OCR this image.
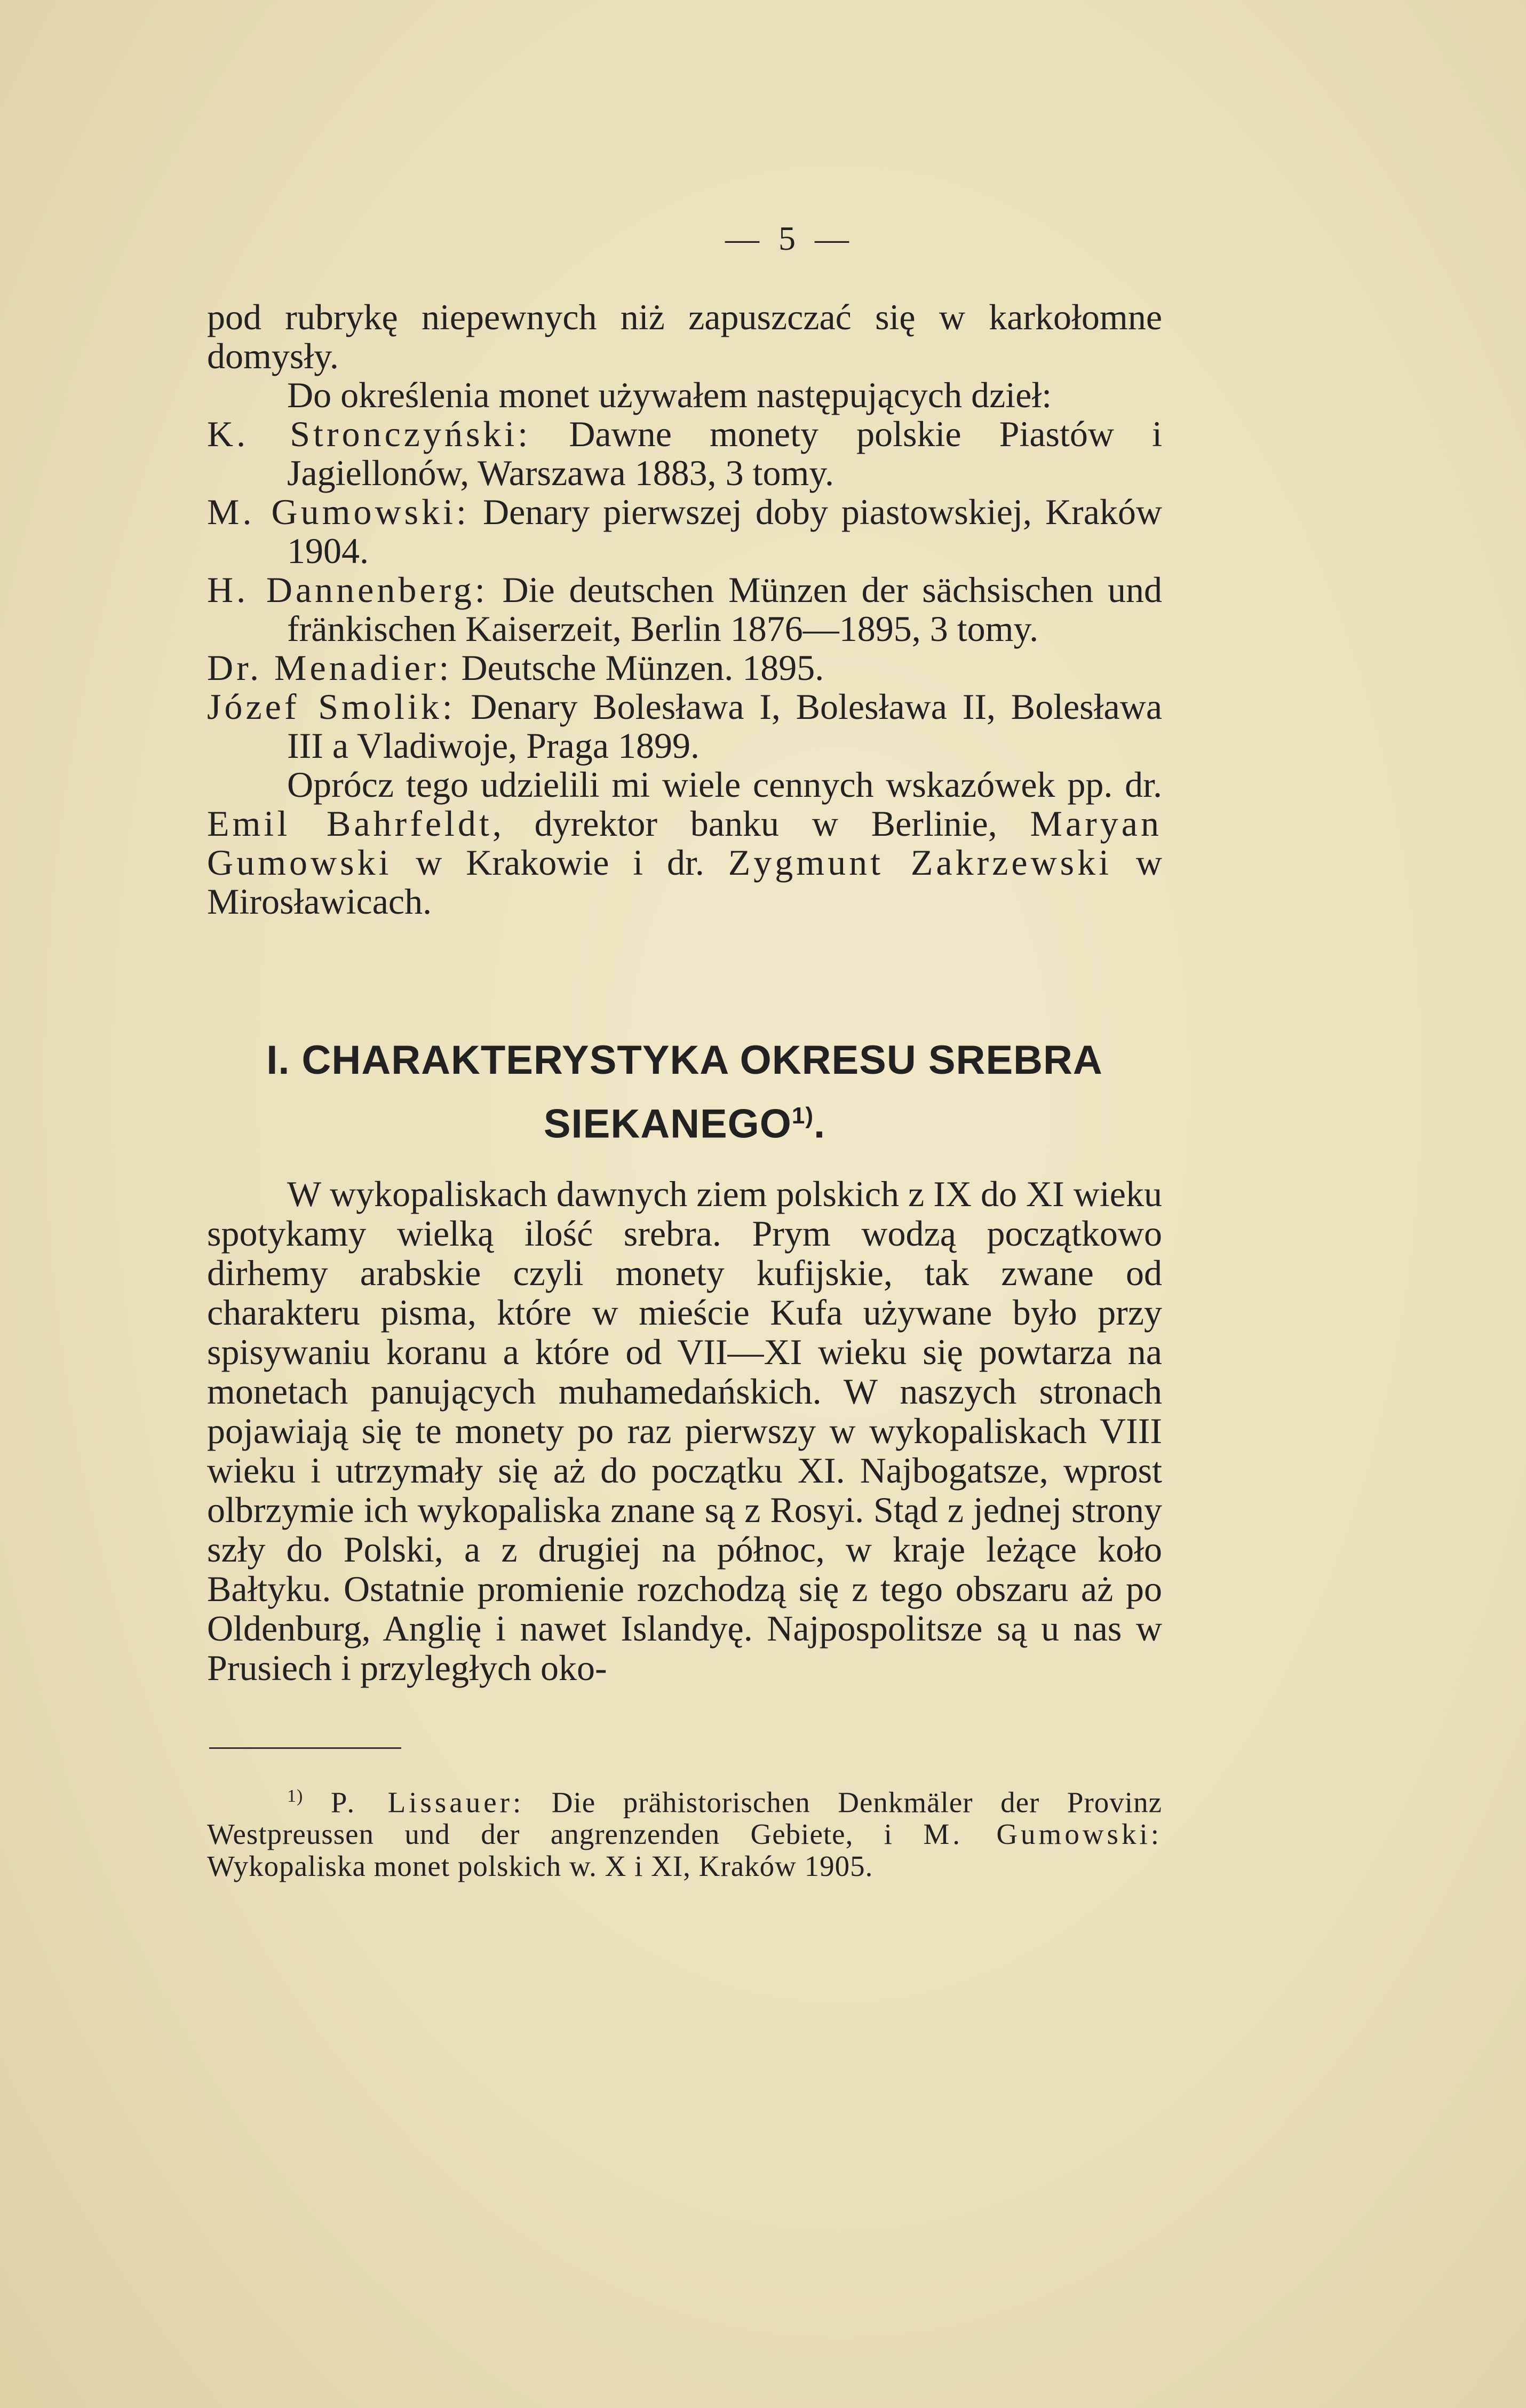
— 5 —

pod rubrykę niepewnych niż zapuszczać się w karkołomne domysły.

Do określenia monet używałem następujących dzieł:

K. Stronczyński: Dawne monety polskie Piastów i Jagiellonów, Warszawa 1883, 3 tomy.

M. Gumowski: Denary pierwszej doby piastowskiej, Kraków 1904.

H. Dannenberg: Die deutschen Münzen der sächsischen und fränkischen Kaiserzeit, Berlin 1876—1895, 3 tomy.

Dr. Menadier: Deutsche Münzen. 1895.

Józef Smolik: Denary Bolesława I, Bolesława II, Bolesława III a Vladiwoje, Praga 1899.

Oprócz tego udzielili mi wiele cennych wskazówek pp. dr. Emil Bahrfeldt, dyrektor banku w Berlinie, Maryan Gumowski w Krakowie i dr. Zygmunt Zakrzewski w Mirosławicach.

I. CHARAKTERYSTYKA OKRESU SREBRA
SIEKANEGO$^{1)}$.

W wykopaliskach dawnych ziem polskich z IX do XI wieku spotykamy wielką ilość srebra. Prym wodzą początkowo dirhemy arabskie czyli monety kufijskie, tak zwane od charakteru pisma, które w mieście Kufa używane było przy spisywaniu koranu a które od VII—XI wieku się powtarza na monetach panujących muhamedańskich. W naszych stronach pojawiają się te monety po raz pierwszy w wykopaliskach VIII wieku i utrzymały się aż do początku XI. Najbogatsze, wprost olbrzymie ich wykopaliska znane są z Rosyi. Stąd z jednej strony szły do Polski, a z drugiej na północ, w kraje leżące koło Bałtyku. Ostatnie promienie rozchodzą się z tego obszaru aż po Oldenburg, Anglię i nawet Islandyę. Najpospolitsze są u nas w Prusiech i przyległych oko-

$^{1)}$ P. Lissauer: Die prähistorischen Denkmäler der Provinz Westpreussen und der angrenzenden Gebiete, i M. Gumowski: Wykopaliska monet polskich w. X i XI, Kraków 1905.
